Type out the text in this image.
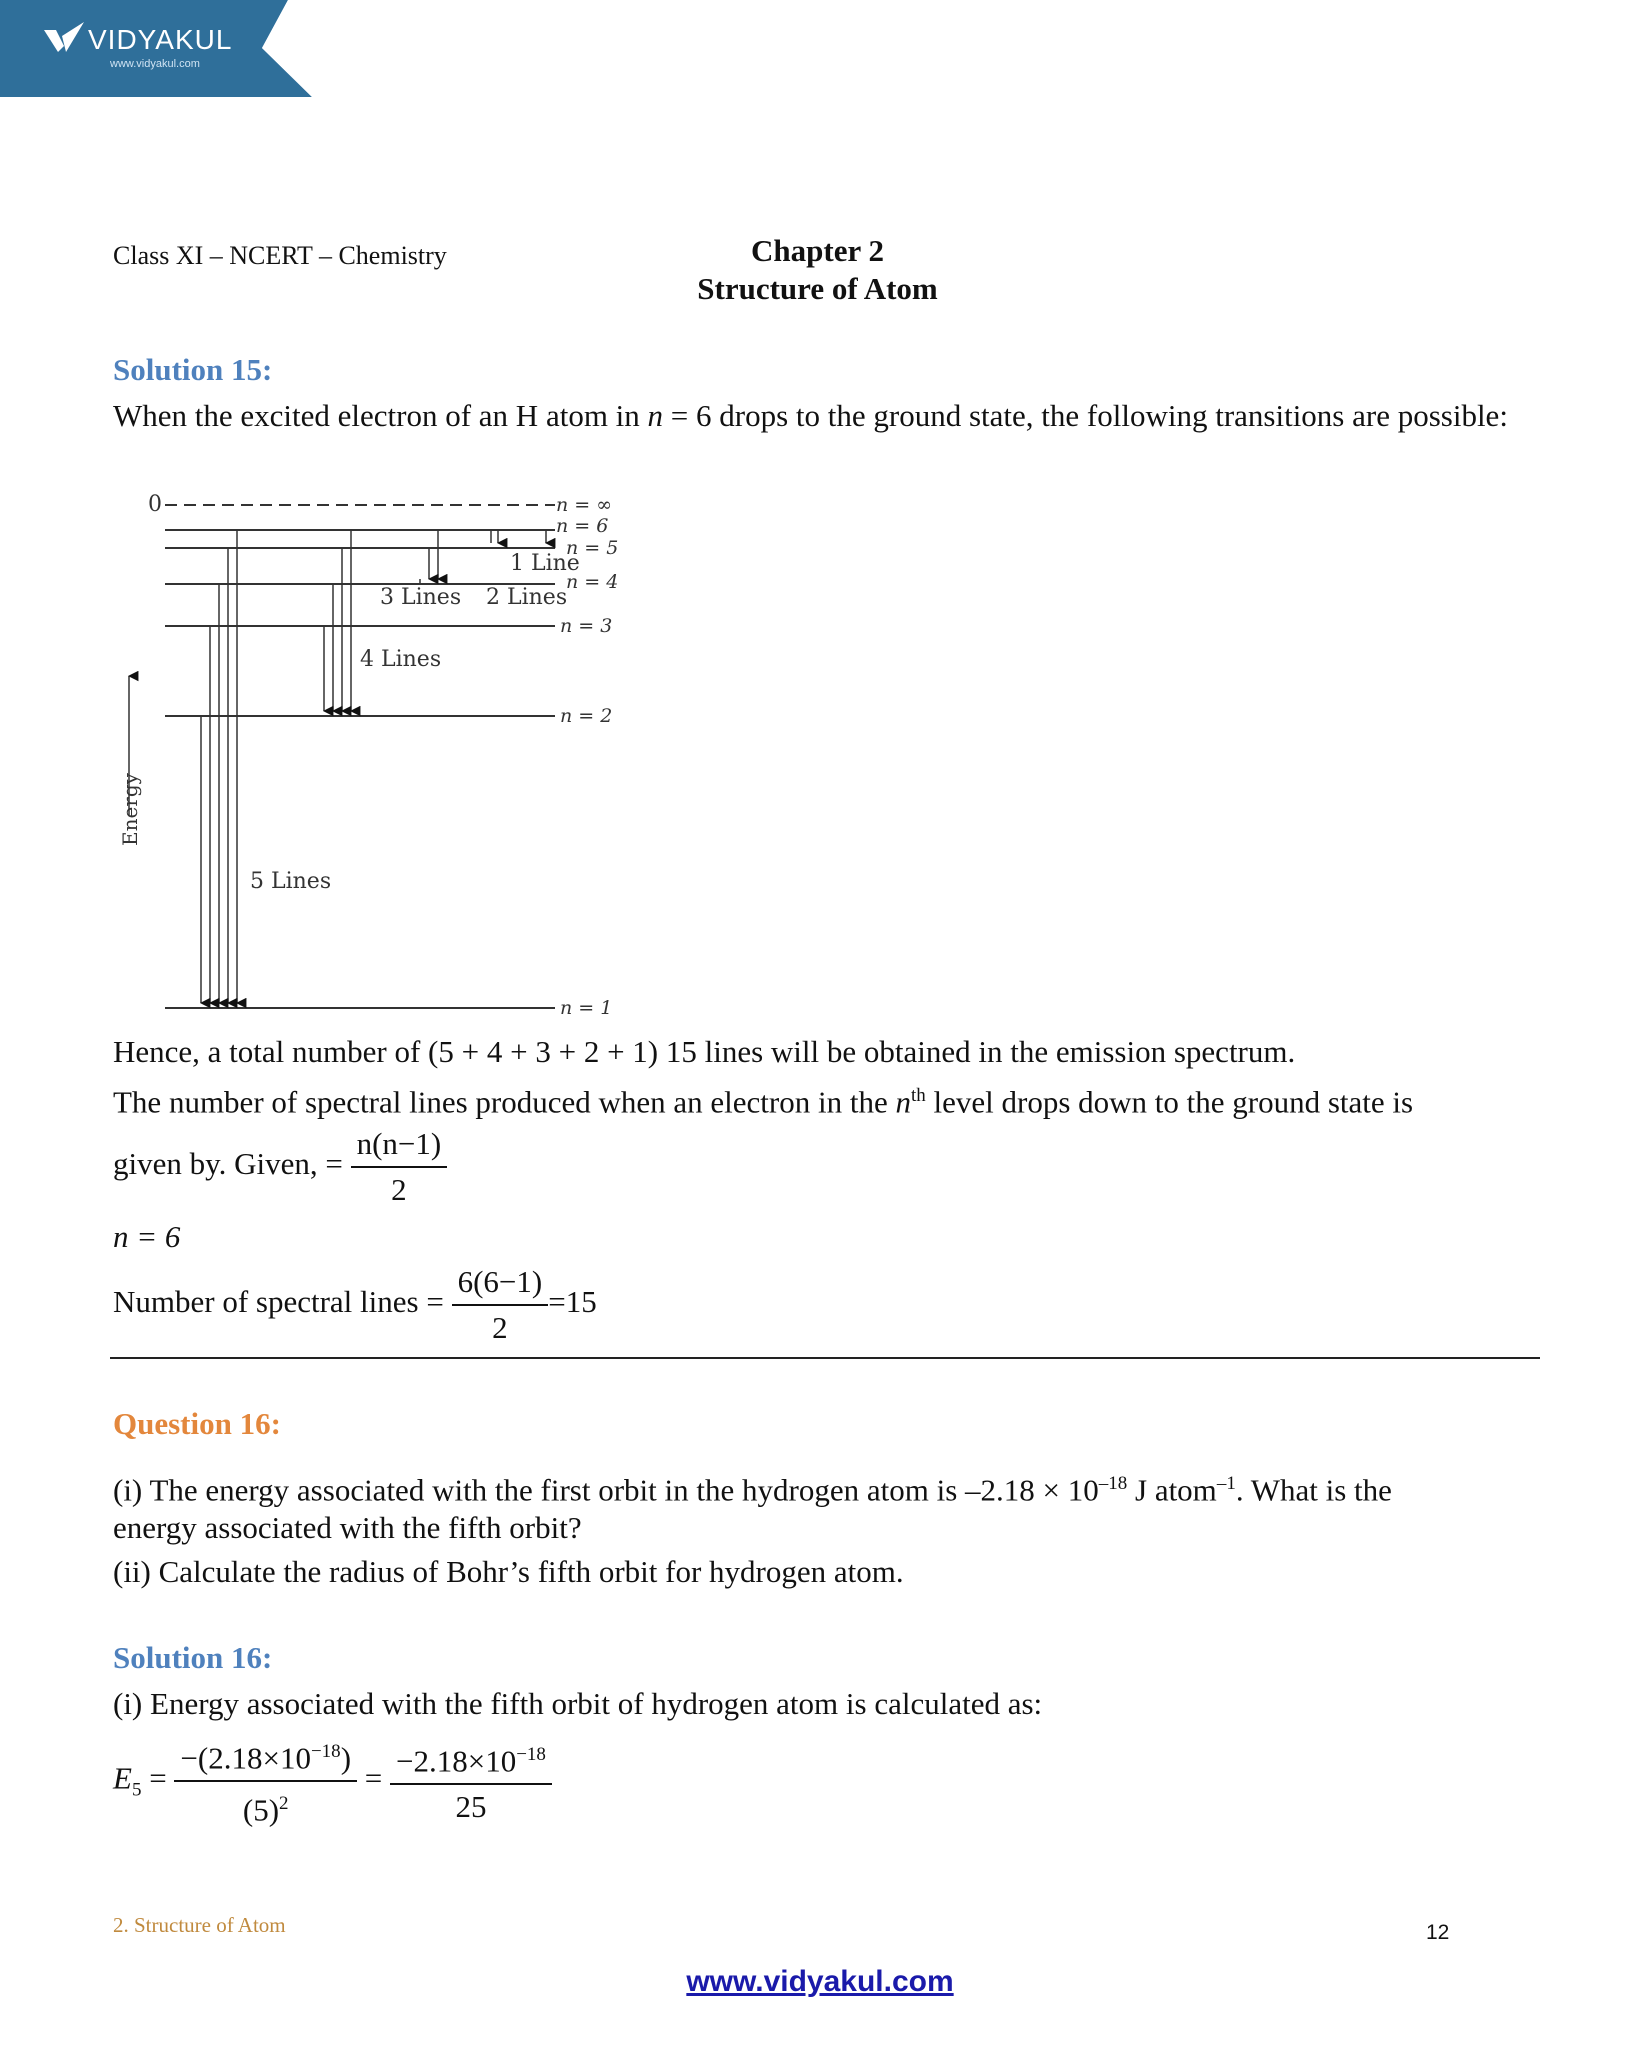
VIDYAKUL
www.vidyakul.com
Class XI – NCERT – Chemistry	Chapter 2
Structure of Atom
Solution 15:
When the excited electron of an H atom in n = 6 drops to the ground state, the following transitions are possible:
0
Energy
n = ∞
n = 6
n = 5
n = 4
n = 3
n = 2
n = 1
1 Line
2 Lines
3 Lines
4 Lines
5 Lines
Hence, a total number of (5 + 4 + 3 + 2 + 1) 15 lines will be obtained in the emission spectrum.
The number of spectral lines produced when an electron in the $n^{th}$ level drops down to the ground state is
given by. Given, = $\frac{n(n-1)}{2}$
n = 6
Number of spectral lines = $\frac{6(6-1)}{2} =15$
Question 16:
(i) The energy associated with the first orbit in the hydrogen atom is $-2.18 \times 10^{-18}$ J atom$^{-1}$. What is the
energy associated with the fifth orbit?
(ii) Calculate the radius of Bohr’s fifth orbit for hydrogen atom.
Solution 16:
(i) Energy associated with the fifth orbit of hydrogen atom is calculated as:
$E_5 = \frac{-(2.18\times 10^{-18})}{(5)^2} = \frac{-2.18\times 10^{-18}}{25}$
2. Structure of Atom	12
www.vidyakul.com
